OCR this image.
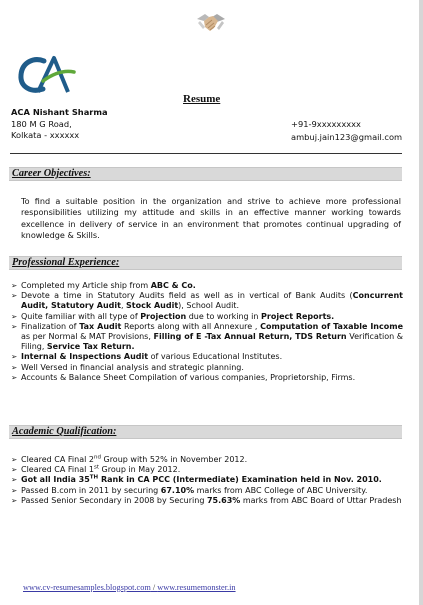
Resume
ACA Nishant Sharma
180 M G Road,
Kolkata - xxxxxx
+91-9xxxxxxxxx
ambuj.jain123@gmail.com
Career Objectives:

To find a suitable position in the organization and strive to achieve more professional responsibilities utilizing my attitude and skills in an effective manner working towards excellence in delivery of service in an environment that promotes continual upgrading of knowledge & Skills.

Professional Experience:
➢ Completed my Article ship from ABC & Co.
➢ Devote a time in Statutory Audits field as well as in vertical of Bank Audits (Concurrent Audit, Statutory Audit, Stock Audit), School Audit.
➢ Quite familiar with all type of Projection due to working in Project Reports.
➢ Finalization of Tax Audit Reports along with all Annexure , Computation of Taxable Income as per Normal & MAT Provisions, Filling of E -Tax Annual Return, TDS Return Verification & Filing, Service Tax Return.
➢ Internal & Inspections Audit of various Educational Institutes.
➢ Well Versed in financial analysis and strategic planning.
➢ Accounts & Balance Sheet Compilation of various companies, Proprietorship, Firms.
Academic Qualification:
➢ Cleared CA Final 2nd Group with 52% in November 2012.
➢ Cleared CA Final 1st Group in May 2012.
➢ Got all India 35TH Rank in CA PCC (Intermediate) Examination held in Nov. 2010.
➢ Passed B.com in 2011 by securing 67.10% marks from ABC College of ABC University.
➢ Passed Senior Secondary in 2008 by Securing 75.63% marks from ABC Board of Uttar Pradesh
www.cv-resumesamples.blogspot.com / www.resumemonster.in
